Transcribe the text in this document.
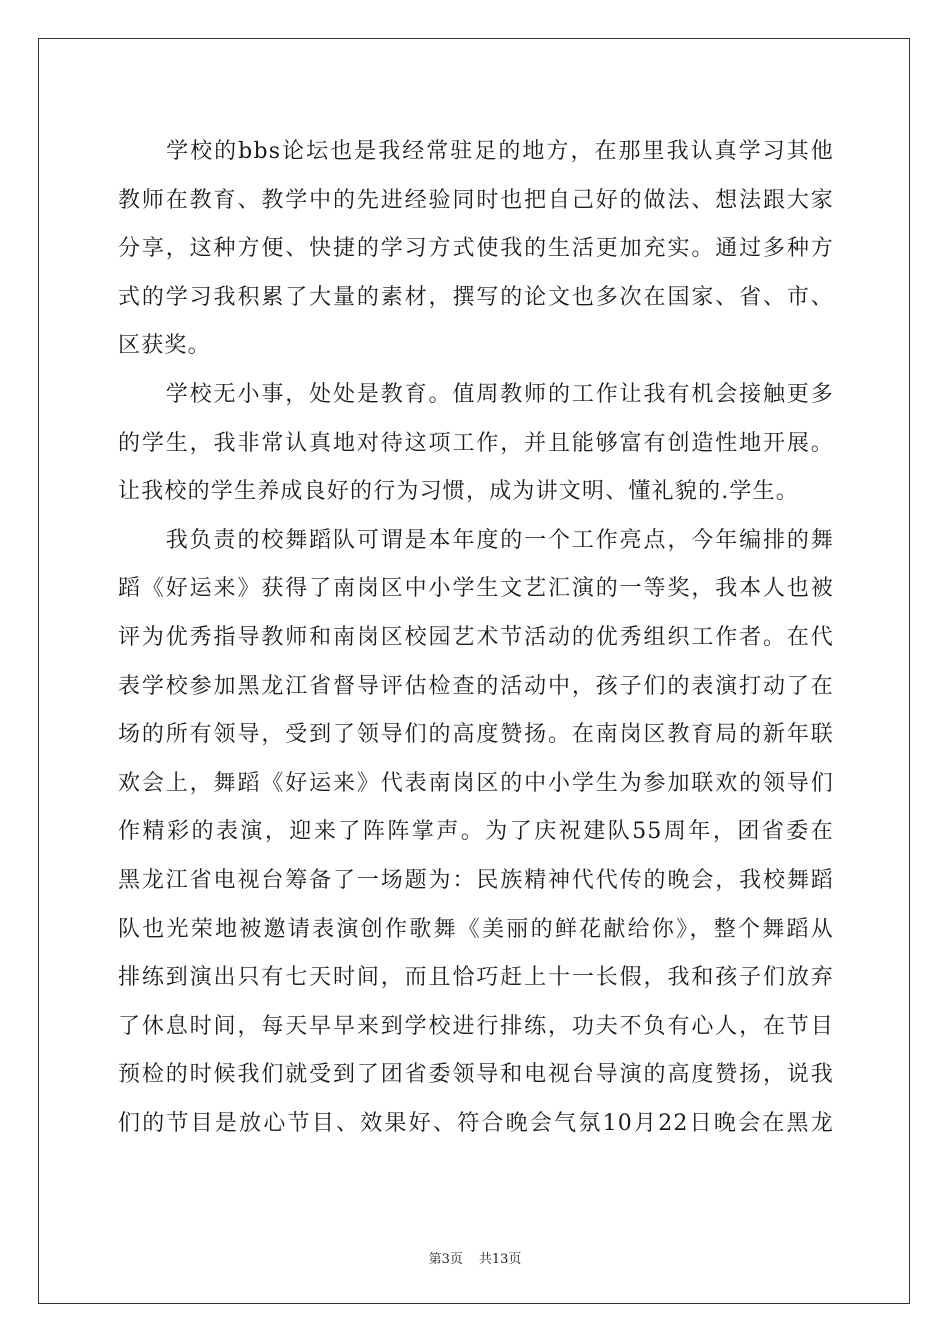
　　学校的bbs论坛也是我经常驻足的地方，在那里我认真学习其他
教师在教育、教学中的先进经验同时也把自己好的做法、想法跟大家
分享，这种方便、快捷的学习方式使我的生活更加充实。通过多种方
式的学习我积累了大量的素材，撰写的论文也多次在国家、省、市、
区获奖。
　　学校无小事，处处是教育。值周教师的工作让我有机会接触更多
的学生，我非常认真地对待这项工作，并且能够富有创造性地开展。
让我校的学生养成良好的行为习惯，成为讲文明、懂礼貌的.学生。
　　我负责的校舞蹈队可谓是本年度的一个工作亮点，今年编排的舞
蹈《好运来》获得了南岗区中小学生文艺汇演的一等奖，我本人也被
评为优秀指导教师和南岗区校园艺术节活动的优秀组织工作者。在代
表学校参加黑龙江省督导评估检查的活动中，孩子们的表演打动了在
场的所有领导，受到了领导们的高度赞扬。在南岗区教育局的新年联
欢会上，舞蹈《好运来》代表南岗区的中小学生为参加联欢的领导们
作精彩的表演，迎来了阵阵掌声。为了庆祝建队55周年，团省委在
黑龙江省电视台筹备了一场题为：民族精神代代传的晚会，我校舞蹈
队也光荣地被邀请表演创作歌舞《美丽的鲜花献给你》，整个舞蹈从
排练到演出只有七天时间，而且恰巧赶上十一长假，我和孩子们放弃
了休息时间，每天早早来到学校进行排练，功夫不负有心人，在节目
预检的时候我们就受到了团省委领导和电视台导演的高度赞扬，说我
们的节目是放心节目、效果好、符合晚会气氛10月22日晚会在黑龙
第3页 共13页
